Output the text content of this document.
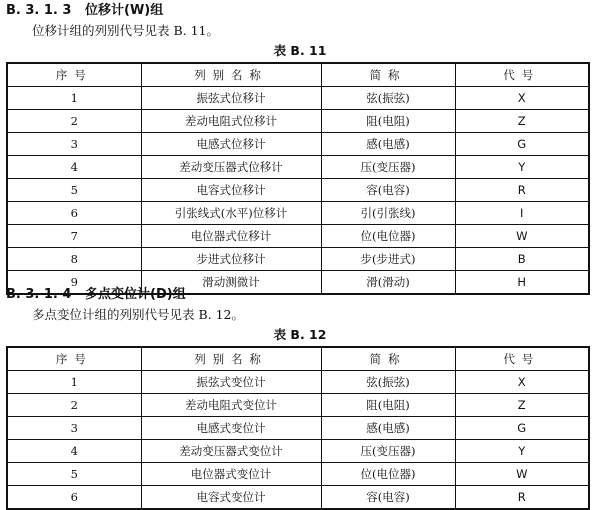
B. 3. 1. 3 位移计(W)组
位移计组的列别代号见表 B. 11。
表 B. 11
序号	列别名称	简称	代号
1	振弦式位移计	弦(振弦)	X
2	差动电阻式位移计	阻(电阻)	Z
3	电感式位移计	感(电感)	G
4	差动变压器式位移计	压(变压器)	Y
5	电容式位移计	容(电容)	R
6	引张线式(水平)位移计	引(引张线)	I
7	电位器式位移计	位(电位器)	W
8	步进式位移计	步(步进式)	B
9	滑动测微计	滑(滑动)	H
B. 3. 1. 4 多点变位计(D)组
多点变位计组的列别代号见表 B. 12。
表 B. 12
序号	列别名称	简称	代号
1	振弦式变位计	弦(振弦)	X
2	差动电阻式变位计	阻(电阻)	Z
3	电感式变位计	感(电感)	G
4	差动变压器式变位计	压(变压器)	Y
5	电位器式变位计	位(电位器)	W
6	电容式变位计	容(电容)	R
